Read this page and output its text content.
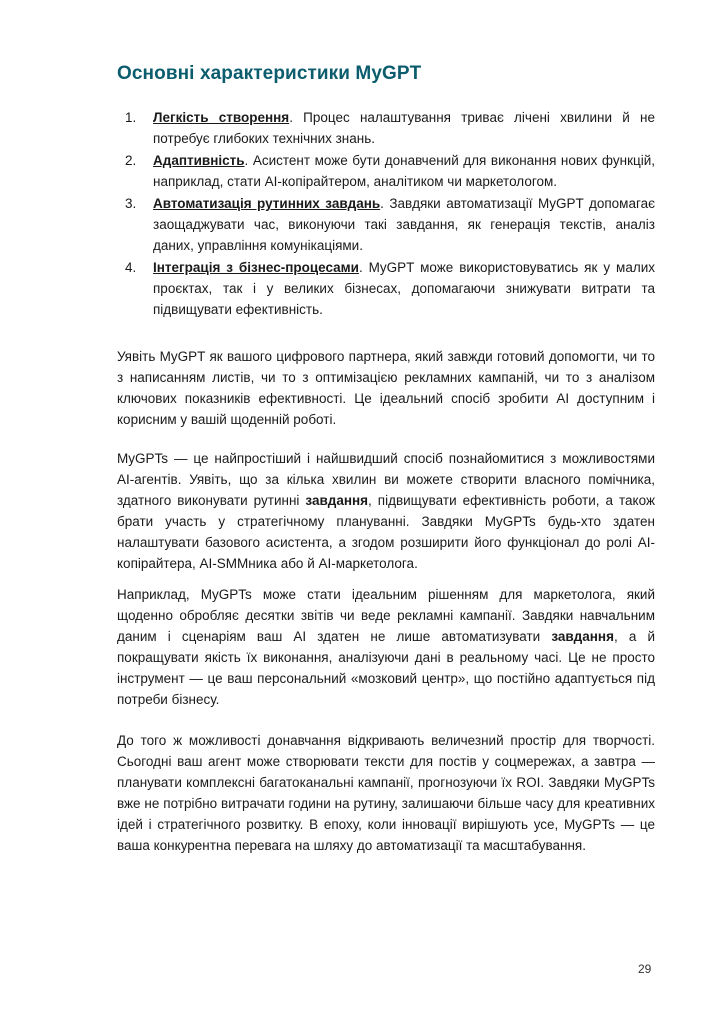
Основні характеристики MyGPT
1. Легкість створення. Процес налаштування триває лічені хвилини й не потребує глибоких технічних знань.
2. Адаптивність. Асистент може бути донавчений для виконання нових функцій, наприклад, стати AI-копірайтером, аналітиком чи маркетологом.
3. Автоматизація рутинних завдань. Завдяки автоматизації MyGPT допомагає заощаджувати час, виконуючи такі завдання, як генерація текстів, аналіз даних, управління комунікаціями.
4. Інтеграція з бізнес-процесами. MyGPT може використовуватись як у малих проєктах, так і у великих бізнесах, допомагаючи знижувати витрати та підвищувати ефективність.

Уявіть MyGPT як вашого цифрового партнера, який завжди готовий допомогти, чи то з написанням листів, чи то з оптимізацією рекламних кампаній, чи то з аналізом ключових показників ефективності. Це ідеальний спосіб зробити AI доступним і корисним у вашій щоденній роботі.

MyGPTs — це найпростіший і найшвидший спосіб познайомитися з можливостями AI-агентів. Уявіть, що за кілька хвилин ви можете створити власного помічника, здатного виконувати рутинні завдання, підвищувати ефективність роботи, а також брати участь у стратегічному плануванні. Завдяки MyGPTs будь-хто здатен налаштувати базового асистента, а згодом розширити його функціонал до ролі AI-копірайтера, AI-SMMника або й AI-маркетолога.

Наприклад, MyGPTs може стати ідеальним рішенням для маркетолога, який щоденно обробляє десятки звітів чи веде рекламні кампанії. Завдяки навчальним даним і сценаріям ваш AI здатен не лише автоматизувати завдання, а й покращувати якість їх виконання, аналізуючи дані в реальному часі. Це не просто інструмент — це ваш персональний «мозковий центр», що постійно адаптується під потреби бізнесу.

До того ж можливості донавчання відкривають величезний простір для творчості. Сьогодні ваш агент може створювати тексти для постів у соцмережах, а завтра — планувати комплексні багатоканальні кампанії, прогнозуючи їх ROI. Завдяки MyGPTs вже не потрібно витрачати години на рутину, залишаючи більше часу для креативних ідей і стратегічного розвитку. В епоху, коли інновації вирішують усе, MyGPTs — це ваша конкурентна перевага на шляху до автоматизації та масштабування.

29
